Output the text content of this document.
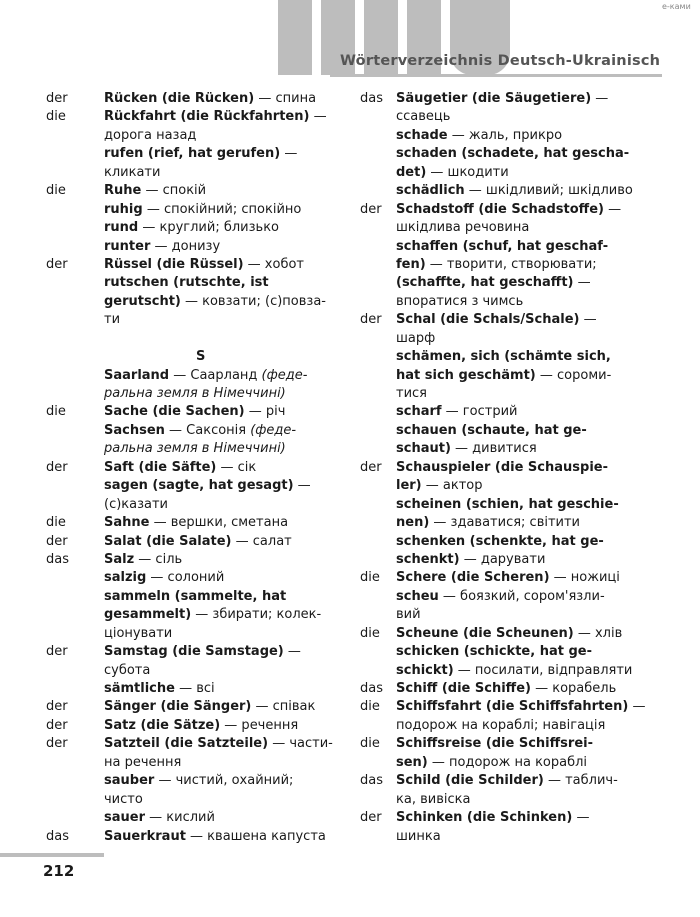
Wörterverzeichnis Deutsch-Ukrainisch
е-ками
der	Rücken (die Rücken) — спина
die	Rückfahrt (die Rückfahrten) —
дорога назад
rufen (rief, hat gerufen) —
кликати
die	Ruhe — спокій
ruhig — спокійний; спокійно
rund — круглий; близько
runter — донизу
der	Rüssel (die Rüssel) — хобот
rutschen (rutschte, ist
gerutscht) — ковзати; (с)повза-
ти
S
Saarland — Саарланд (феде-
ральна земля в Німеччині)
die	Sache (die Sachen) — річ
Sachsen — Саксонія (феде-
ральна земля в Німеччині)
der	Saft (die Säfte) — сік
sagen (sagte, hat gesagt) —
(с)казати
die	Sahne — вершки, сметана
der	Salat (die Salate) — салат
das	Salz — сіль
salzig — солоний
sammeln (sammelte, hat
gesammelt) — збирати; колек-
ціонувати
der	Samstag (die Samstage) —
субота
sämtliche — всі
der	Sänger (die Sänger) — співак
der	Satz (die Sätze) — речення
der	Satzteil (die Satzteile) — части-
на речення
sauber — чистий, охайний;
чисто
sauer — кислий
das	Sauerkraut — квашена капуста
das	Säugetier (die Säugetiere) —
ссавець
schade — жаль, прикро
schaden (schadete, hat gescha-
det) — шкодити
schädlich — шкідливий; шкідливо
der	Schadstoff (die Schadstoffe) —
шкідлива речовина
schaffen (schuf, hat geschaf-
fen) — творити, створювати;
(schaffte, hat geschafft) —
впоратися з чимсь
der	Schal (die Schals/Schale) —
шарф
schämen, sich (schämte sich,
hat sich geschämt) — сороми-
тися
scharf — гострий
schauen (schaute, hat ge-
schaut) — дивитися
der	Schauspieler (die Schauspie-
ler) — актор
scheinen (schien, hat geschie-
nen) — здаватися; світити
schenken (schenkte, hat ge-
schenkt) — дарувати
die	Schere (die Scheren) — ножиці
scheu — боязкий, сором'язли-
вий
die	Scheune (die Scheunen) — хлів
schicken (schickte, hat ge-
schickt) — посилати, відправляти
das	Schiff (die Schiffe) — корабель
die	Schiffsfahrt (die Schiffsfahrten) —
подорож на кораблі; навігація
die	Schiffsreise (die Schiffsrei-
sen) — подорож на кораблі
das	Schild (die Schilder) — таблич-
ка, вивіска
der	Schinken (die Schinken) —
шинка
212
